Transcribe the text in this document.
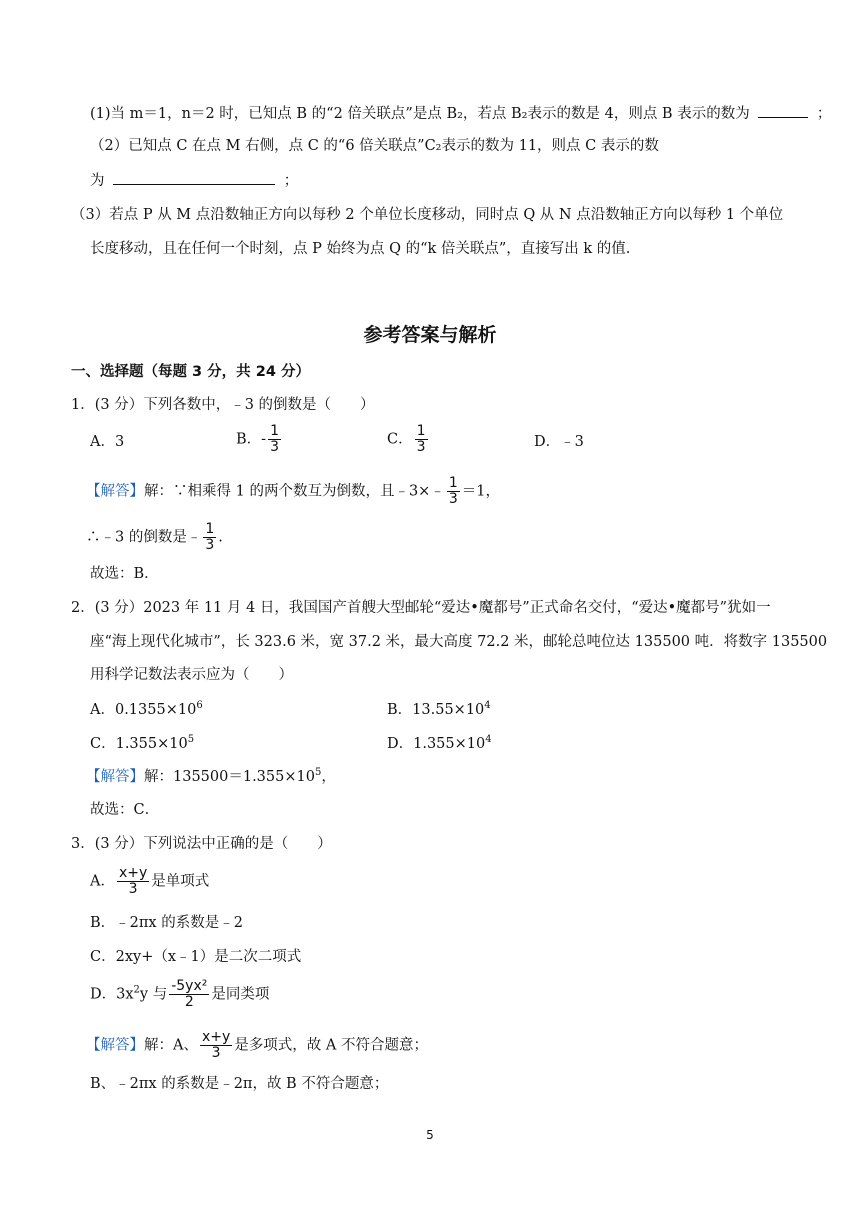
(1)当 m＝1，n＝2 时，已知点 B 的“2 倍关联点”是点 B₂，若点 B₂表示的数是 4，则点 B 表示的数为	；
（2）已知点 C 在点 M 右侧，点 C 的“6 倍关联点”C₂表示的数为 11，则点 C 表示的数
为	；
（3）若点 P 从 M 点沿数轴正方向以每秒 2 个单位长度移动，同时点 Q 从 N 点沿数轴正方向以每秒 1 个单位
长度移动，且在任何一个时刻，点 P 始终为点 Q 的“k 倍关联点”，直接写出 k 的值.
参考答案与解析
一、选择题（每题 3 分，共 24 分）
1．(3 分）下列各数中，﹣3 的倒数是（　　）
A．3	B．- $\frac{1}{3}$	C． $\frac{1}{3}$	D．﹣3
【解答】解：∵相乘得 1 的两个数互为倒数，且﹣3×﹣ $\frac{1}{3} =1$，
∴﹣3 的倒数是﹣ $\frac{1}{3}$ .
故选：B．
2．(3 分）2023 年 11 月 4 日，我国国产首艘大型邮轮“爱达•魔都号”正式命名交付，“爱达•魔都号”犹如一
座“海上现代化城市”，长 323.6 米，宽 37.2 米，最大高度 72.2 米，邮轮总吨位达 135500 吨．将数字 135500
用科学记数法表示应为（　　）
A．$0.1355\times 10^6$	B．$13.55\times 10^4$
C．$1.355\times 10^5$	D．$1.355\times 10^4$
【解答】解：$135500=1.355\times 10^5$，
故选：C．
3．(3 分）下列说法中正确的是（　　）
A． $\frac{x+y}{3}$ 是单项式
B．﹣2πx 的系数是﹣2
C．2xy+（x﹣1）是二次二项式
D．$3x^2y$ 与 $\frac{\text{-5yx²}}{2}$ 是同类项
【解答】解：A、 $\frac{x+y}{3}$ 是多项式，故 A 不符合题意；
B、﹣2πx 的系数是﹣2π，故 B 不符合题意；
5
